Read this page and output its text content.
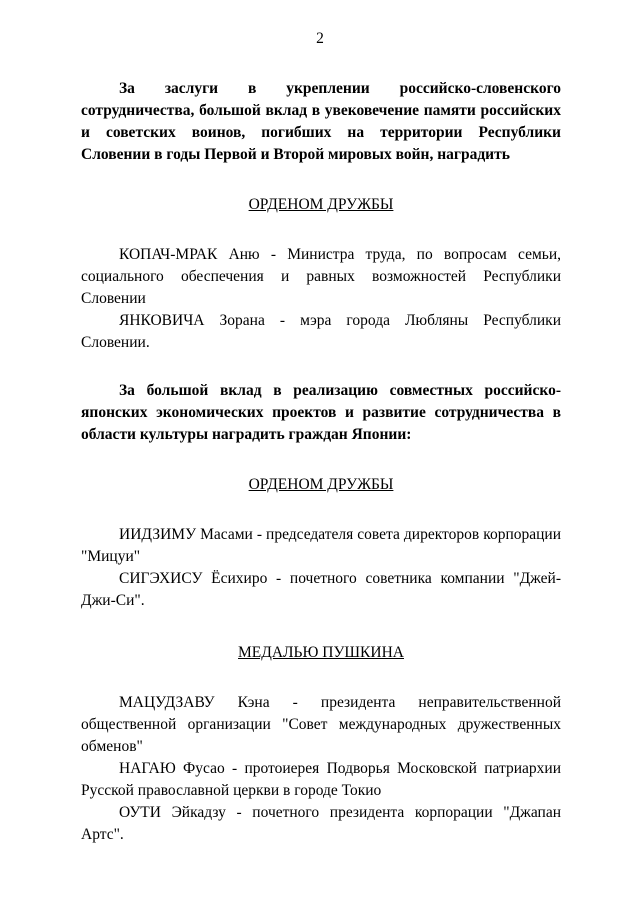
2

За заслуги в укреплении российско-словенского сотрудничества, большой вклад в увековечение памяти российских и советских воинов, погибших на территории Республики Словении в годы Первой и Второй мировых войн, наградить

ОРДЕНОМ ДРУЖБЫ

КОПАЧ-МРАК Аню - Министра труда, по вопросам семьи, социального обеспечения и равных возможностей Республики Словении

ЯНКОВИЧА Зорана - мэра города Любляны Республики Словении.

За большой вклад в реализацию совместных российско-японских экономических проектов и развитие сотрудничества в области культуры наградить граждан Японии:

ОРДЕНОМ ДРУЖБЫ

ИИДЗИМУ Масами - председателя совета директоров корпорации "Мицуи"

СИГЭХИСУ Ёсихиро - почетного советника компании "Джей-Джи-Си".

МЕДАЛЬЮ ПУШКИНА

МАЦУДЗАВУ Кэна - президента неправительственной общественной организации "Совет международных дружественных обменов"

НАГАЮ Фусао - протоиерея Подворья Московской патриархии Русской православной церкви в городе Токио

ОУТИ Эйкадзу - почетного президента корпорации "Джапан Артс".
